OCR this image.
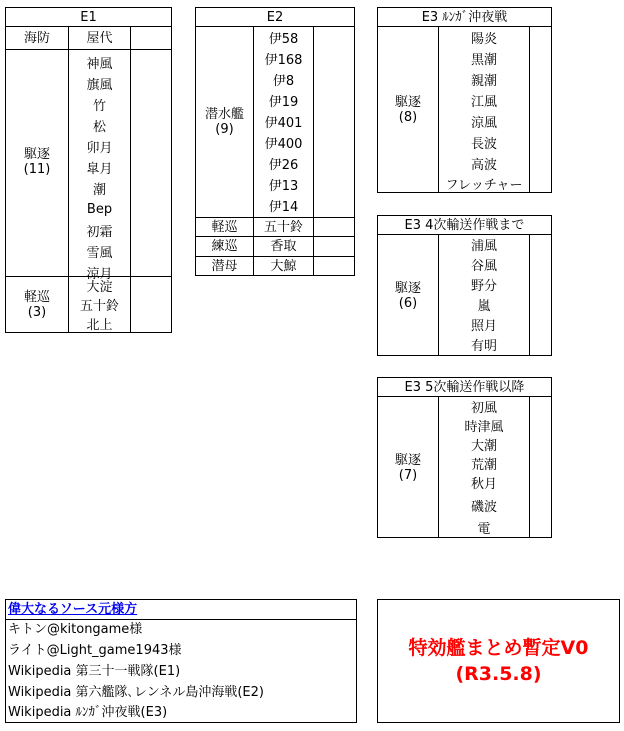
E1
海防	屋代
駆逐
(11)
神風
旗風
竹
松
卯月
皐月
潮
Bep
初霜
雪風
涼月
軽巡
(3)
大淀
五十鈴
北上
E2
潜水艦
(9)
伊58
伊168
伊8
伊19
伊401
伊400
伊26
伊13
伊14
軽巡	五十鈴
練巡	香取
潜母	大鯨
E3 ﾙﾝｶﾞ沖夜戦
駆逐
(8)
陽炎
黒潮
親潮
江風
涼風
長波
高波
フレッチャー
E3 4次輸送作戦まで
駆逐
(6)
浦風
谷風
野分
嵐
照月
有明
E3 5次輸送作戦以降
駆逐
(7)
初風
時津風
大潮
荒潮
秋月
磯波
電
偉大なるソース元様方
キトン@kitongame様
ライト@Light_game1943様
Wikipedia 第三十一戦隊(E1)
Wikipedia 第六艦隊､レンネル島沖海戦(E2)
Wikipedia ﾙﾝｶﾞ沖夜戦(E3)
特効艦まとめ暫定V0
(R3.5.8)
